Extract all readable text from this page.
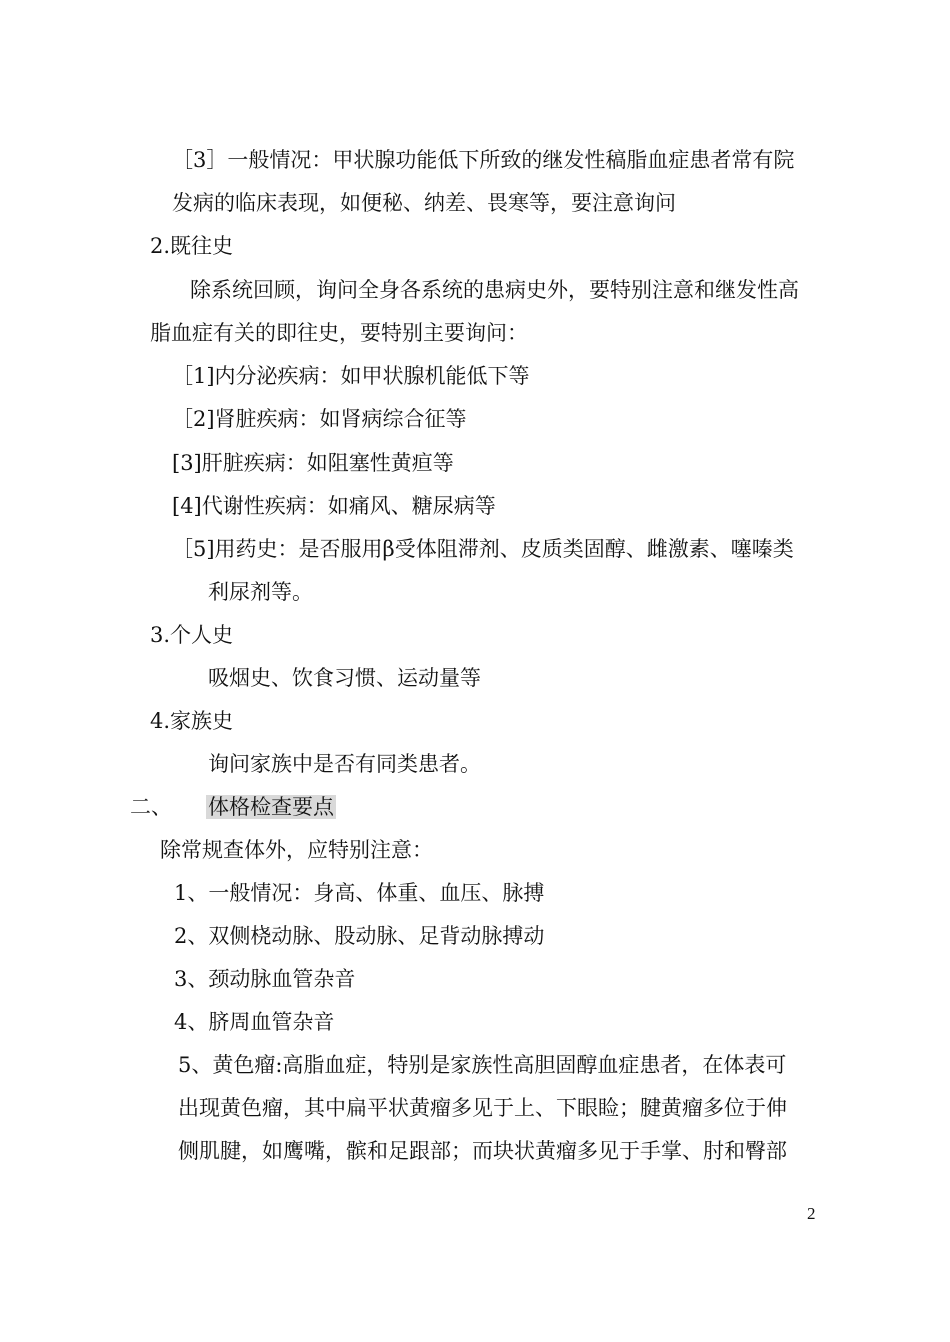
［3］一般情况：甲状腺功能低下所致的继发性稿脂血症患者常有院
发病的临床表现，如便秘、纳差、畏寒等，要注意询问
2.既往史
除系统回顾，询问全身各系统的患病史外，要特别注意和继发性高
脂血症有关的即往史，要特别主要询问：
［1]内分泌疾病：如甲状腺机能低下等
［2]肾脏疾病：如肾病综合征等
[3]肝脏疾病：如阻塞性黄疸等
[4]代谢性疾病：如痛风、糖尿病等
［5]用药史：是否服用β受体阻滞剂、皮质类固醇、雌激素、噻嗪类
利尿剂等。
3.个人史
吸烟史、饮食习惯、运动量等
4.家族史
询问家族中是否有同类患者。
二、 体格检查要点
除常规查体外，应特别注意：
1、一般情况：身高、体重、血压、脉搏
2、双侧桡动脉、股动脉、足背动脉搏动
3、颈动脉血管杂音
4、脐周血管杂音
5、黄色瘤:高脂血症，特别是家族性高胆固醇血症患者，在体表可
出现黄色瘤，其中扁平状黄瘤多见于上、下眼睑；腱黄瘤多位于伸
侧肌腱，如鹰嘴，髌和足跟部；而块状黄瘤多见于手掌、肘和臀部
2
